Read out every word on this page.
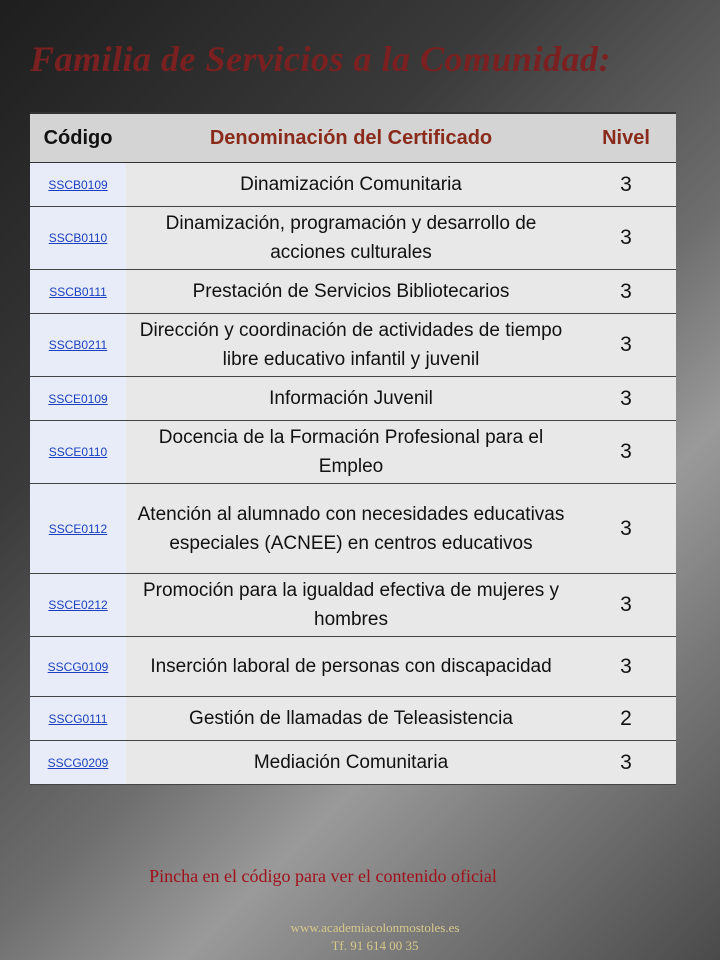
Familia de Servicios a la Comunidad:
Código	Denominación del Certificado	Nivel
SSCB0109	Dinamización Comunitaria	3
SSCB0110	Dinamización, programación y desarrollo de acciones culturales	3
SSCB0111	Prestación de Servicios Bibliotecarios	3
SSCB0211	Dirección y coordinación de actividades de tiempo libre educativo infantil y juvenil	3
SSCE0109	Información Juvenil	3
SSCE0110	Docencia de la Formación Profesional para el Empleo	3
SSCE0112	Atención al alumnado con necesidades educativas especiales (ACNEE) en centros educativos	3
SSCE0212	Promoción para la igualdad efectiva de mujeres y hombres	3
SSCG0109	Inserción laboral de personas con discapacidad	3
SSCG0111	Gestión de llamadas de Teleasistencia	2
SSCG0209	Mediación Comunitaria	3
Pincha en el código para ver el contenido oficial
www.academiacolonmostoles.es
Tf. 91 614 00 35
